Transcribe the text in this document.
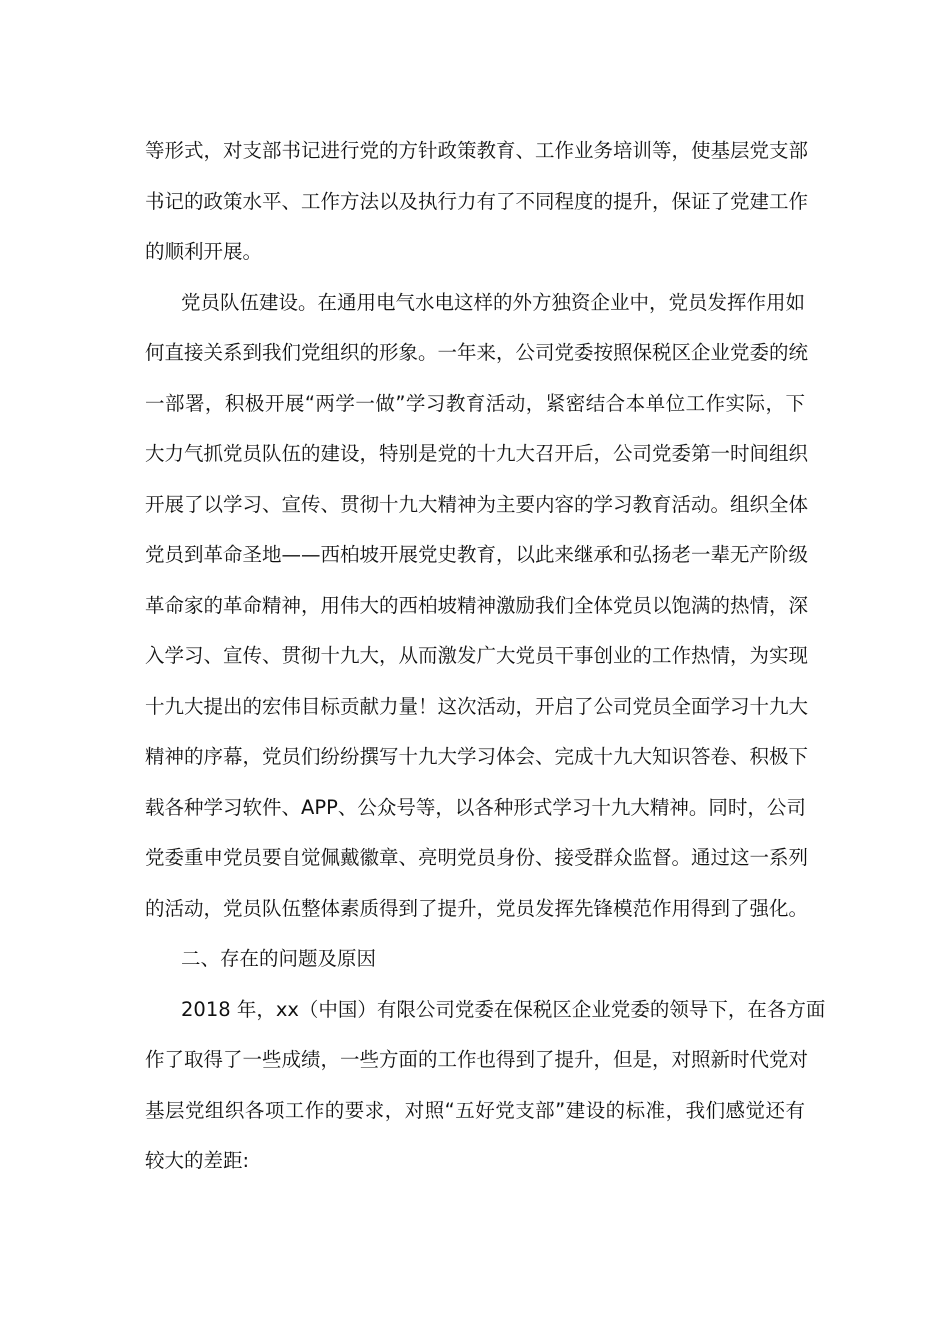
等形式，对支部书记进行党的方针政策教育、工作业务培训等，使基层党支部
书记的政策水平、工作方法以及执行力有了不同程度的提升，保证了党建工作
的顺利开展。
党员队伍建设。在通用电气水电这样的外方独资企业中，党员发挥作用如
何直接关系到我们党组织的形象。一年来，公司党委按照保税区企业党委的统
一部署，积极开展“两学一做”学习教育活动，紧密结合本单位工作实际，下
大力气抓党员队伍的建设，特别是党的十九大召开后，公司党委第一时间组织
开展了以学习、宣传、贯彻十九大精神为主要内容的学习教育活动。组织全体
党员到革命圣地——西柏坡开展党史教育，以此来继承和弘扬老一辈无产阶级
革命家的革命精神，用伟大的西柏坡精神激励我们全体党员以饱满的热情，深
入学习、宣传、贯彻十九大，从而激发广大党员干事创业的工作热情，为实现
十九大提出的宏伟目标贡献力量！这次活动，开启了公司党员全面学习十九大
精神的序幕，党员们纷纷撰写十九大学习体会、完成十九大知识答卷、积极下
载各种学习软件、APP、公众号等，以各种形式学习十九大精神。同时，公司
党委重申党员要自觉佩戴徽章、亮明党员身份、接受群众监督。通过这一系列
的活动，党员队伍整体素质得到了提升，党员发挥先锋模范作用得到了强化。
二、存在的问题及原因
2018 年，xx（中国）有限公司党委在保税区企业党委的领导下，在各方面
作了取得了一些成绩，一些方面的工作也得到了提升，但是，对照新时代党对
基层党组织各项工作的要求，对照“五好党支部”建设的标准，我们感觉还有
较大的差距:
